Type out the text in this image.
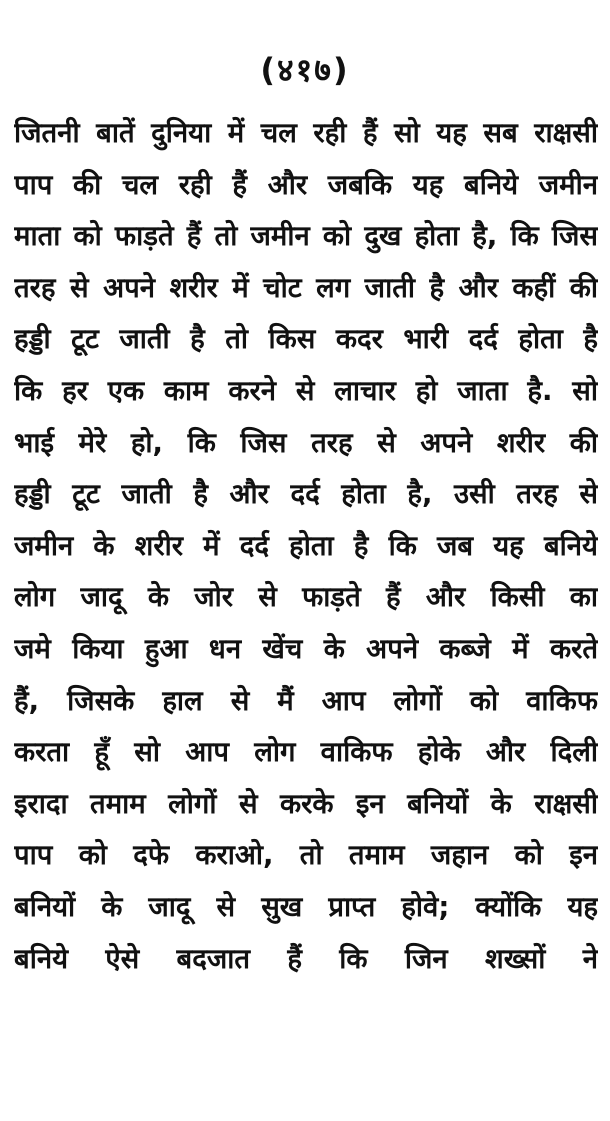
(४१७)
जितनी बातें दुनिया में चल रही हैं सो यह सब राक्षसी
पाप की चल रही हैं और जबकि यह बनिये जमीन
माता को फाड़ते हैं तो जमीन को दुख होता है, कि जिस
तरह से अपने शरीर में चोट लग जाती है और कहीं की
हड्डी टूट जाती है तो किस कदर भारी दर्द होता है
कि हर एक काम करने से लाचार हो जाता है. सो
भाई मेरे हो, कि जिस तरह से अपने शरीर की
हड्डी टूट जाती है और दर्द होता है, उसी तरह से
जमीन के शरीर में दर्द होता है कि जब यह बनिये
लोग जादू के जोर से फाड़ते हैं और किसी का
जमे किया हुआ धन खेंच के अपने कब्जे में करते
हैं, जिसके हाल से मैं आप लोगों को वाकिफ
करता हूँ सो आप लोग वाकिफ होके और दिली
इरादा तमाम लोगों से करके इन बनियों के राक्षसी
पाप को दफे कराओ, तो तमाम जहान को इन
बनियों के जादू से सुख प्राप्त होवे; क्योंकि यह
बनिये ऐसे बदजात हैं कि जिन शख्सों ने
